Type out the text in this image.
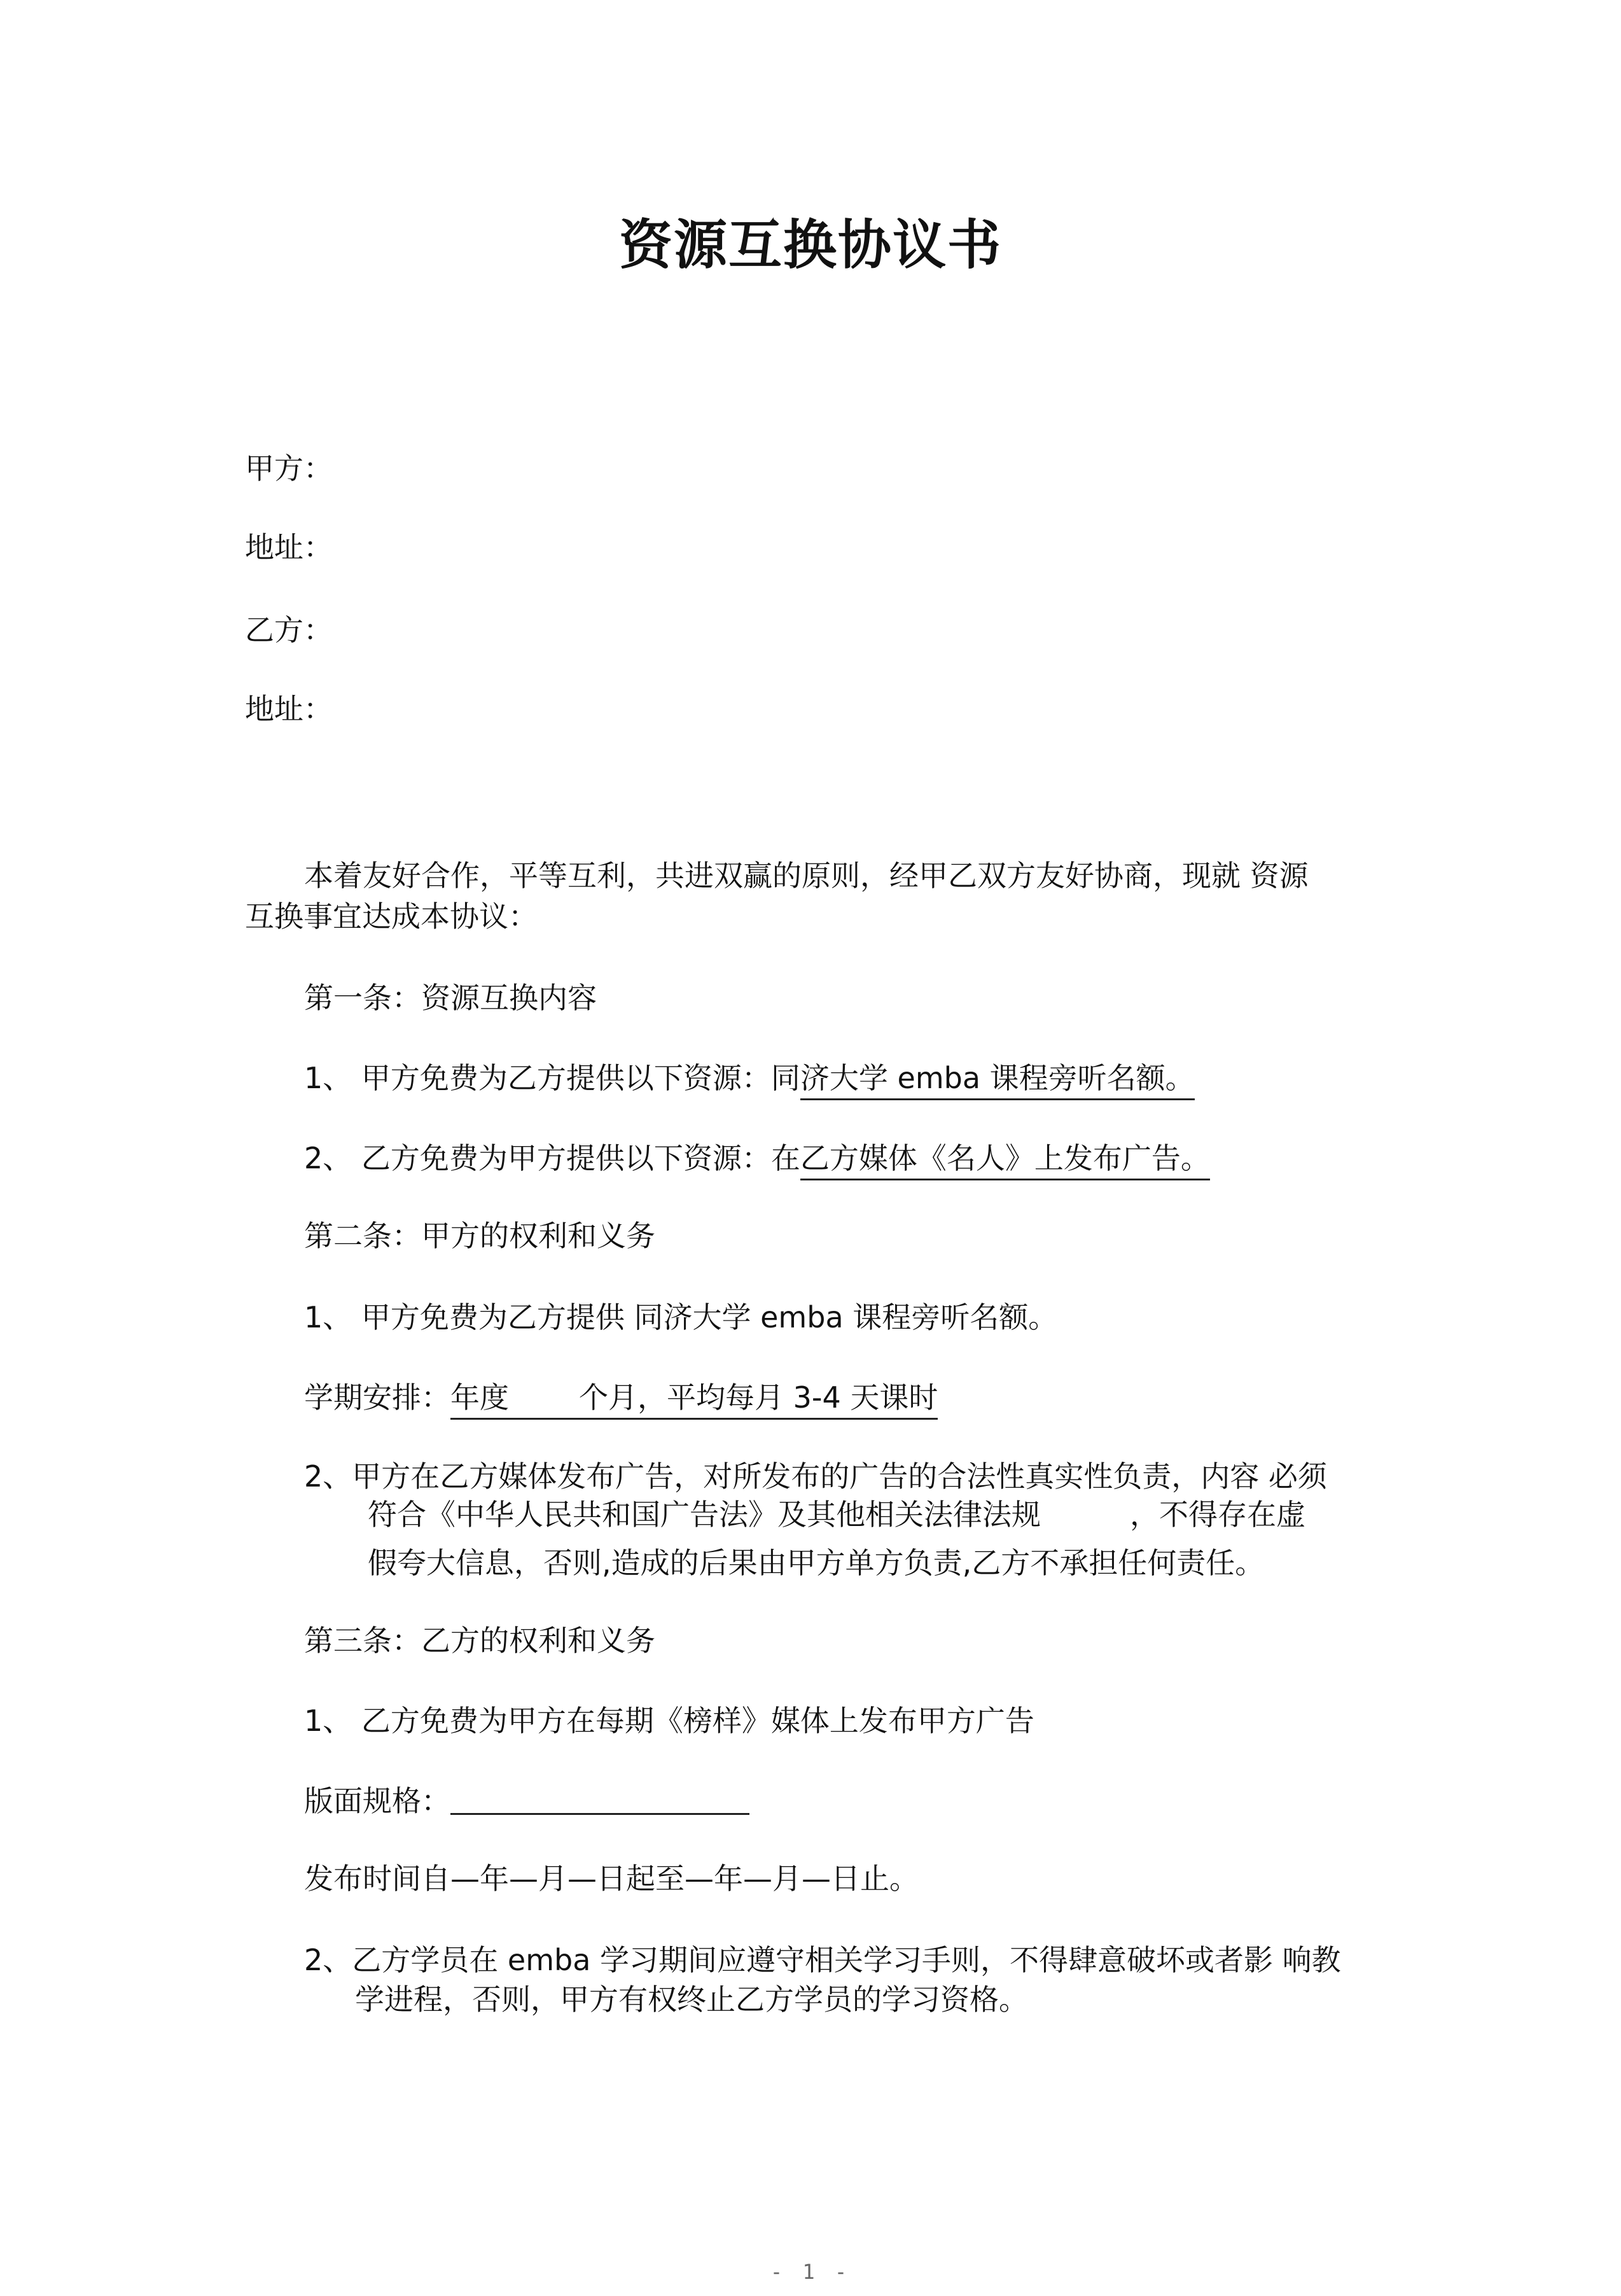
资源互换协议书
甲方：
地址：
乙方：
地址：
本着友好合作，平等互利，共进双赢的原则，经甲乙双方友好协商，现就 资源
互换事宜达成本协议：
第一条：资源互换内容
1、 甲方免费为乙方提供以下资源：同济大学 emba 课程旁听名额。
2、 乙方免费为甲方提供以下资源：在乙方媒体《名人》上发布广告。
第二条：甲方的权利和义务
1、 甲方免费为乙方提供 同济大学 emba 课程旁听名额。
学期安排：年度 个月，平均每月 3-4 天课时
2、甲方在乙方媒体发布广告，对所发布的广告的合法性真实性负责，内容 必须
符合《中华人民共和国广告法》及其他相关法律法规	，不得存在虚
假夸大信息，否则,造成的后果由甲方单方负责,乙方不承担任何责任。
第三条：乙方的权利和义务
1、 乙方免费为甲方在每期《榜样》媒体上发布甲方广告
版面规格：
发布时间自—年—月—日起至—年—月—日止。
2、乙方学员在 emba 学习期间应遵守相关学习手则，不得肆意破坏或者影 响教
学进程，否则，甲方有权终止乙方学员的学习资格。
- 1 -
